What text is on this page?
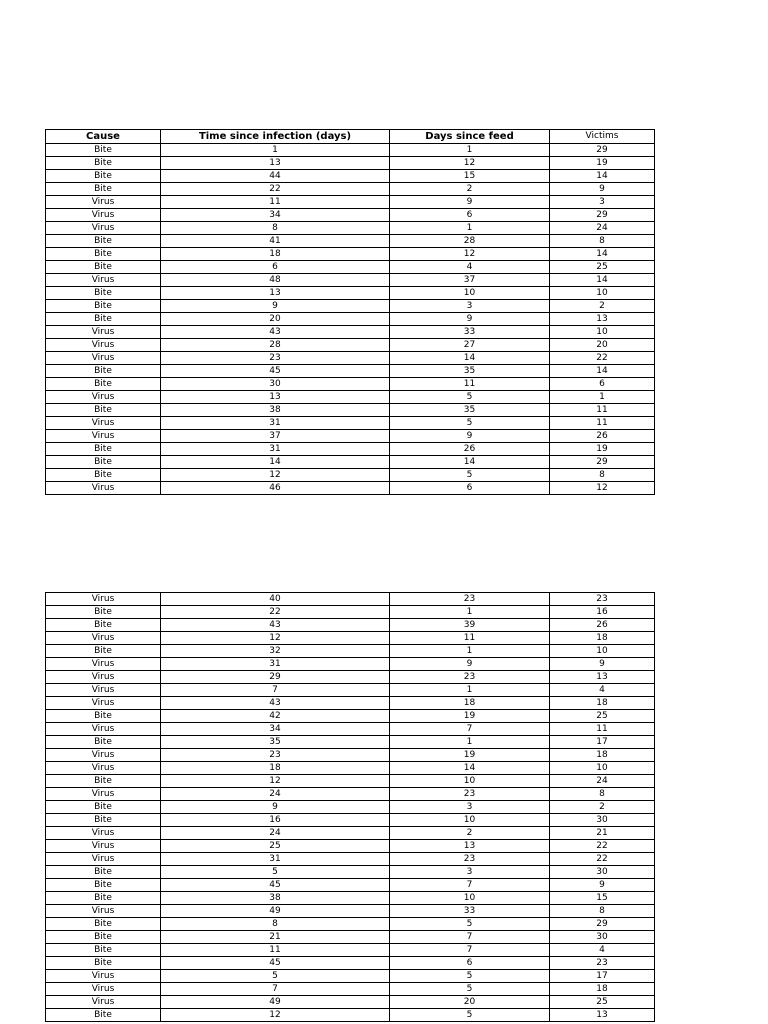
Cause	Time since infection (days)	Days since feed	Victims
Bite	1	1	29
Bite	13	12	19
Bite	44	15	14
Bite	22	2	9
Virus	11	9	3
Virus	34	6	29
Virus	8	1	24
Bite	41	28	8
Bite	18	12	14
Bite	6	4	25
Virus	48	37	14
Bite	13	10	10
Bite	9	3	2
Bite	20	9	13
Virus	43	33	10
Virus	28	27	20
Virus	23	14	22
Bite	45	35	14
Bite	30	11	6
Virus	13	5	1
Bite	38	35	11
Virus	31	5	11
Virus	37	9	26
Bite	31	26	19
Bite	14	14	29
Bite	12	5	8
Virus	46	6	12
Virus	40	23	23
Bite	22	1	16
Bite	43	39	26
Virus	12	11	18
Bite	32	1	10
Virus	31	9	9
Virus	29	23	13
Virus	7	1	4
Virus	43	18	18
Bite	42	19	25
Virus	34	7	11
Bite	35	1	17
Virus	23	19	18
Virus	18	14	10
Bite	12	10	24
Virus	24	23	8
Bite	9	3	2
Bite	16	10	30
Virus	24	2	21
Virus	25	13	22
Virus	31	23	22
Bite	5	3	30
Bite	45	7	9
Bite	38	10	15
Virus	49	33	8
Bite	8	5	29
Bite	21	7	30
Bite	11	7	4
Bite	45	6	23
Virus	5	5	17
Virus	7	5	18
Virus	49	20	25
Bite	12	5	13
